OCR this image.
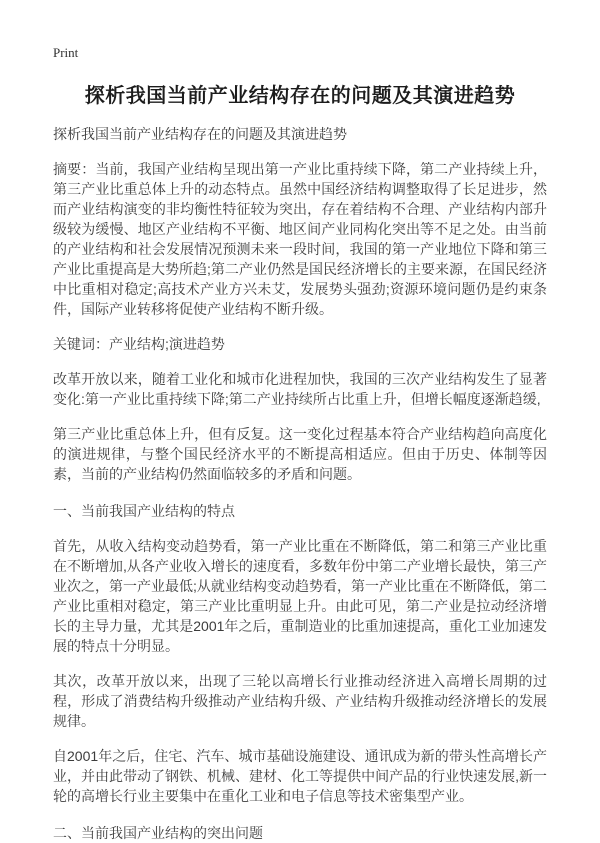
Print
探析我国当前产业结构存在的问题及其演进趋势
探析我国当前产业结构存在的问题及其演进趋势

摘要：当前，我国产业结构呈现出第一产业比重持续下降，第二产业持续上升，第三产业比重总体上升的动态特点。虽然中国经济结构调整取得了长足进步，然而产业结构演变的非均衡性特征较为突出，存在着结构不合理、产业结构内部升级较为缓慢、地区产业结构不平衡、地区间产业同构化突出等不足之处。由当前的产业结构和社会发展情况预测未来一段时间，我国的第一产业地位下降和第三产业比重提高是大势所趋;第二产业仍然是国民经济增长的主要来源，在国民经济中比重相对稳定;高技术产业方兴未艾，发展势头强劲;资源环境问题仍是约束条件，国际产业转移将促使产业结构不断升级。

关键词：产业结构;演进趋势

改革开放以来，随着工业化和城市化进程加快，我国的三次产业结构发生了显著变化:第一产业比重持续下降;第二产业持续所占比重上升，但增长幅度逐渐趋缓,

第三产业比重总体上升，但有反复。这一变化过程基本符合产业结构趋向高度化的演进规律，与整个国民经济水平的不断提高相适应。但由于历史、体制等因素，当前的产业结构仍然面临较多的矛盾和问题。

一、当前我国产业结构的特点

首先，从收入结构变动趋势看，第一产业比重在不断降低，第二和第三产业比重在不断增加,从各产业收入增长的速度看，多数年份中第二产业增长最快，第三产业次之，第一产业最低;从就业结构变动趋势看，第一产业比重在不断降低，第二产业比重相对稳定，第三产业比重明显上升。由此可见，第二产业是拉动经济增长的主导力量，尤其是2001年之后，重制造业的比重加速提高，重化工业加速发展的特点十分明显。

其次，改革开放以来，出现了三轮以高增长行业推动经济进入高增长周期的过程，形成了消费结构升级推动产业结构升级、产业结构升级推动经济增长的发展规律。

自2001年之后，住宅、汽车、城市基础设施建设、通讯成为新的带头性高增长产业，并由此带动了钢铁、机械、建材、化工等提供中间产品的行业快速发展,新一轮的高增长行业主要集中在重化工业和电子信息等技术密集型产业。

二、当前我国产业结构的突出问题
